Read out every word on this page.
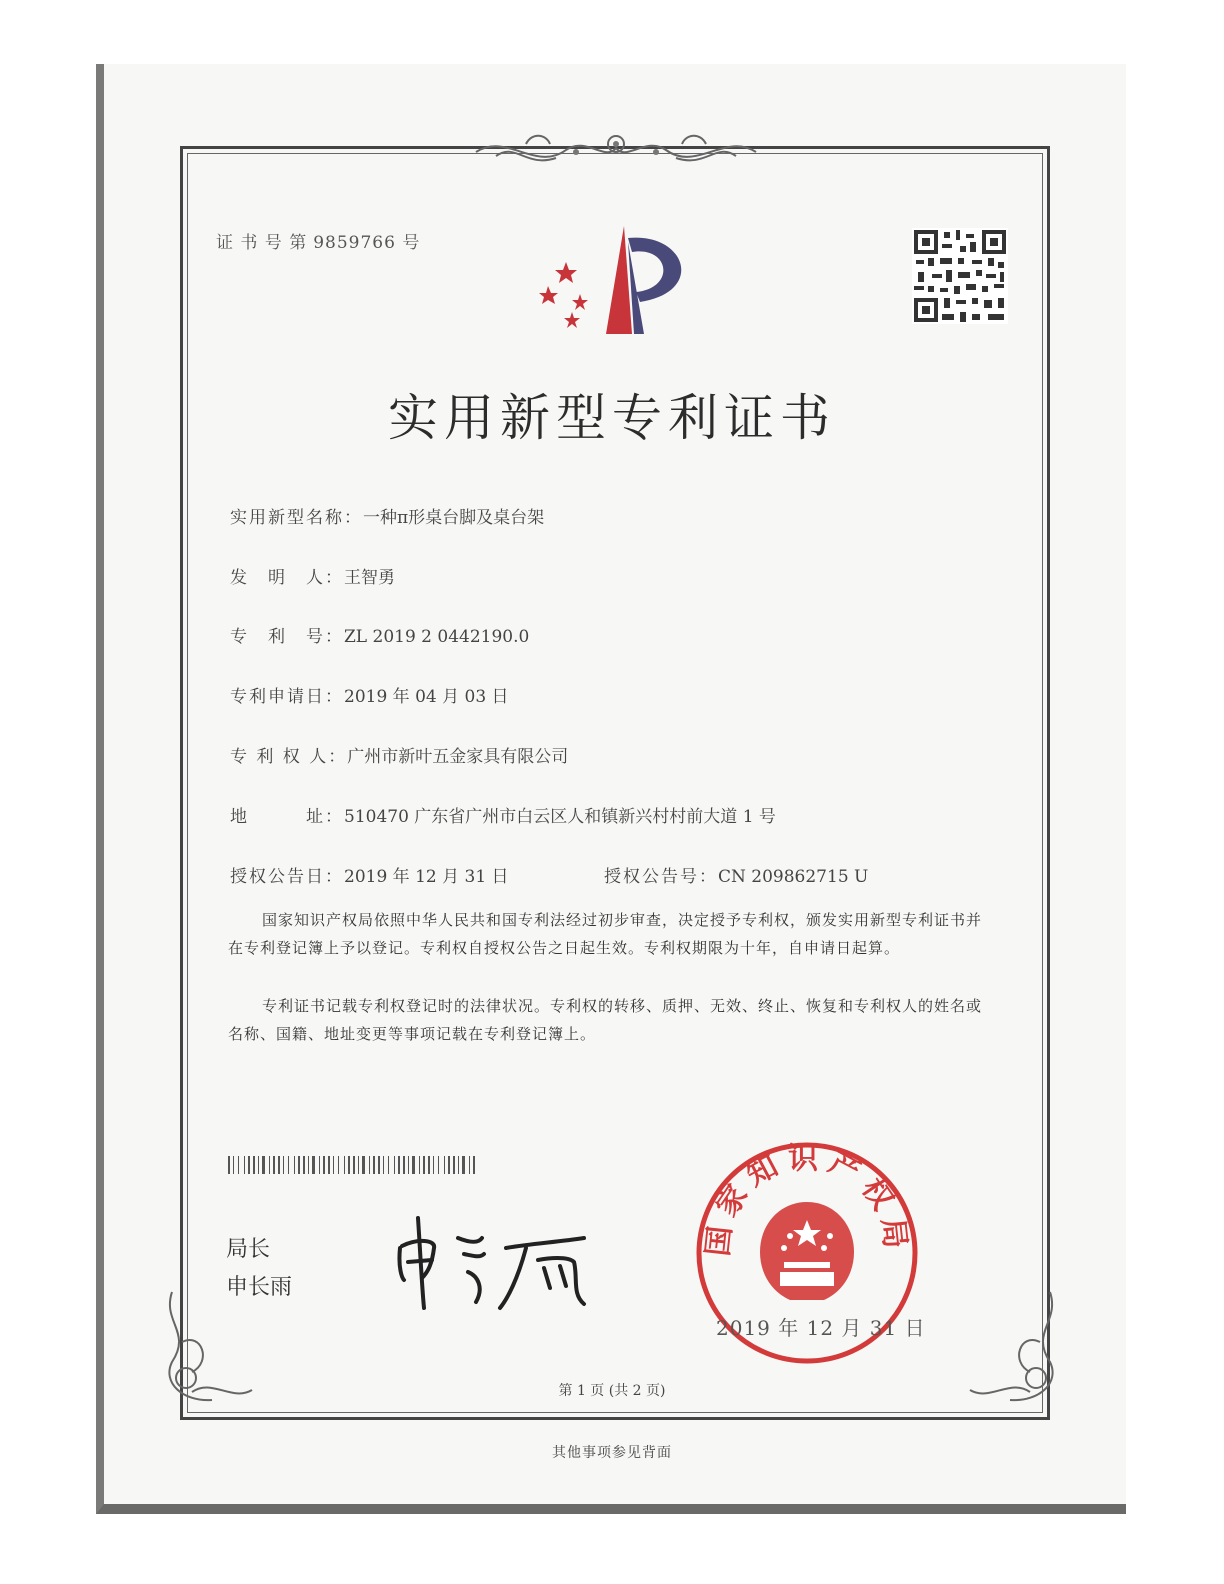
证 书 号 第 9859766 号
实用新型专利证书
实用新型名称：一种π形桌台脚及桌台架
发　明　人：王智勇
专　利　号：ZL 2019 2 0442190.0
专利申请日：2019 年 04 月 03 日
专 利 权 人：广州市新叶五金家具有限公司
地　　　址：510470 广东省广州市白云区人和镇新兴村村前大道 1 号
授权公告日：2019 年 12 月 31 日	授权公告号：CN 209862715 U
国家知识产权局依照中华人民共和国专利法经过初步审查，决定授予专利权，颁发实用新型专利证书并在专利登记簿上予以登记。专利权自授权公告之日起生效。专利权期限为十年，自申请日起算。
专利证书记载专利权登记时的法律状况。专利权的转移、质押、无效、终止、恢复和专利权人的姓名或名称、国籍、地址变更等事项记载在专利登记簿上。
局长
申长雨
国家知识产权局
2019 年 12 月 31 日
第 1 页 (共 2 页)
其他事项参见背面
